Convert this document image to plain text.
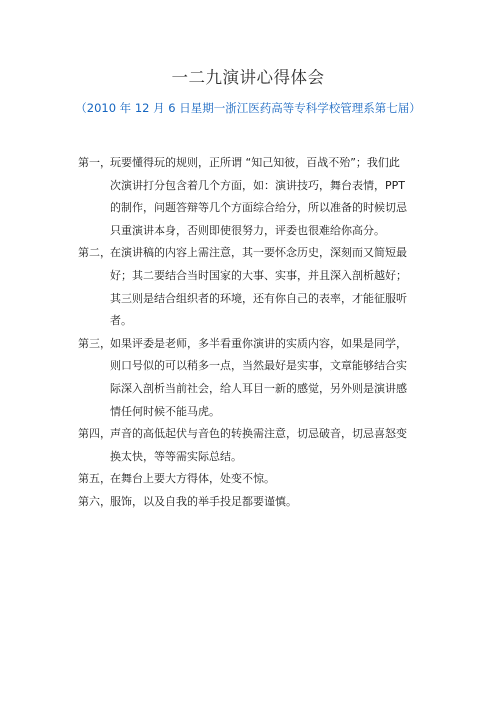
一二九演讲心得体会
（2010 年 12 月 6 日星期一浙江医药高等专科学校管理系第七届）
第一， 玩要懂得玩的规则，正所谓 “知己知彼，百战不殆”；我们此
次演讲打分包含着几个方面，如：演讲技巧，舞台表情，PPT
的制作，问题答辩等几个方面综合给分，所以准备的时候切忌
只重演讲本身，否则即使很努力，评委也很难给你高分。
第二， 在演讲稿的内容上需注意，其一要怀念历史，深刻而又简短最
好；其二要结合当时国家的大事、实事，并且深入剖析越好；
其三则是结合组织者的环境，还有你自己的表率，才能征服听
者。
第三， 如果评委是老师，多半看重你演讲的实质内容，如果是同学，
则口号似的可以稍多一点，当然最好是实事，文章能够结合实
际深入剖析当前社会，给人耳目一新的感觉，另外则是演讲感
情任何时候不能马虎。
第四， 声音的高低起伏与音色的转换需注意，切忌破音，切忌喜怒变
换太快，等等需实际总结。
第五， 在舞台上要大方得体，处变不惊。
第六， 服饰，以及自我的举手投足都要谨慎。
